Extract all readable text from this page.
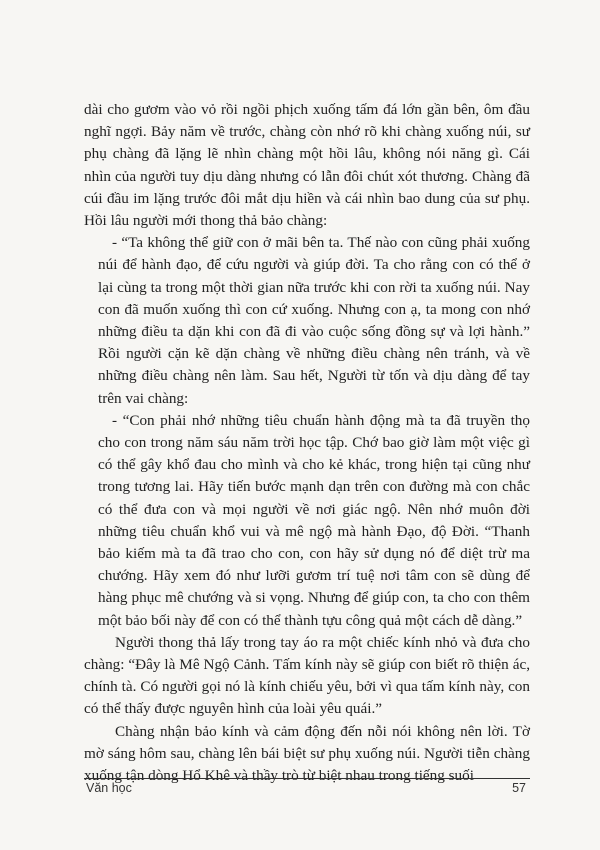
dài cho gươm vào vỏ rồi ngồi phịch xuống tấm đá lớn gần bên, ôm đầu nghĩ ngợi. Bảy năm về trước, chàng còn nhớ rõ khi chàng xuống núi, sư phụ chàng đã lặng lẽ nhìn chàng một hồi lâu, không nói năng gì. Cái nhìn của người tuy dịu dàng nhưng có lẫn đôi chút xót thương. Chàng đã cúi đầu im lặng trước đôi mắt dịu hiền và cái nhìn bao dung của sư phụ. Hồi lâu người mới thong thả bảo chàng:

- “Ta không thể giữ con ở mãi bên ta. Thế nào con cũng phải xuống núi để hành đạo, để cứu người và giúp đời. Ta cho rằng con có thể ở lại cùng ta trong một thời gian nữa trước khi con rời ta xuống núi. Nay con đã muốn xuống thì con cứ xuống. Nhưng con ạ, ta mong con nhớ những điều ta dặn khi con đã đi vào cuộc sống đồng sự và lợi hành.” Rồi người cặn kẽ dặn chàng về những điều chàng nên tránh, và về những điều chàng nên làm. Sau hết, Người từ tốn và dịu dàng để tay trên vai chàng:

- “Con phải nhớ những tiêu chuẩn hành động mà ta đã truyền thọ cho con trong năm sáu năm trời học tập. Chớ bao giờ làm một việc gì có thể gây khổ đau cho mình và cho kẻ khác, trong hiện tại cũng như trong tương lai. Hãy tiến bước mạnh dạn trên con đường mà con chắc có thể đưa con và mọi người về nơi giác ngộ. Nên nhớ muôn đời những tiêu chuẩn khổ vui và mê ngộ mà hành Đạo, độ Đời. “Thanh bảo kiếm mà ta đã trao cho con, con hãy sử dụng nó để diệt trừ ma chướng. Hãy xem đó như lưỡi gươm trí tuệ nơi tâm con sẽ dùng để hàng phục mê chướng và si vọng. Nhưng để giúp con, ta cho con thêm một bảo bối này để con có thể thành tựu công quả một cách dễ dàng.”

Người thong thả lấy trong tay áo ra một chiếc kính nhỏ và đưa cho chàng: “Đây là Mê Ngộ Cảnh. Tấm kính này sẽ giúp con biết rõ thiện ác, chính tà. Có người gọi nó là kính chiếu yêu, bởi vì qua tấm kính này, con có thể thấy được nguyên hình của loài yêu quái.”

Chàng nhận bảo kính và cảm động đến nỗi nói không nên lời. Tờ mờ sáng hôm sau, chàng lên bái biệt sư phụ xuống núi. Người tiễn chàng xuống tận dòng Hổ Khê và thầy trò từ biệt nhau trong tiếng suối

Văn học	57
